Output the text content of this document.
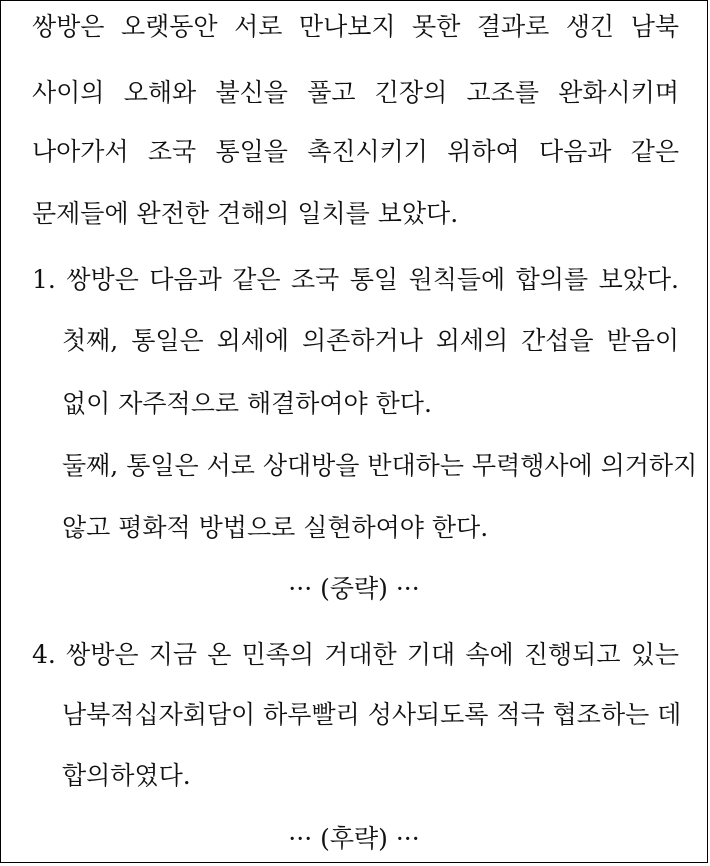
쌍방은 오랫동안 서로 만나보지 못한 결과로 생긴 남북
사이의 오해와 불신을 풀고 긴장의 고조를 완화시키며
나아가서 조국 통일을 촉진시키기 위하여 다음과 같은
문제들에 완전한 견해의 일치를 보았다.
1. 쌍방은 다음과 같은 조국 통일 원칙들에 합의를 보았다.
첫째, 통일은 외세에 의존하거나 외세의 간섭을 받음이
없이 자주적으로 해결하여야 한다.
둘째, 통일은 서로 상대방을 반대하는 무력행사에 의거하지
않고 평화적 방법으로 실현하여야 한다.
··· (중략) ···
4. 쌍방은 지금 온 민족의 거대한 기대 속에 진행되고 있는
남북적십자회담이 하루빨리 성사되도록 적극 협조하는 데
합의하였다.
··· (후략) ···
